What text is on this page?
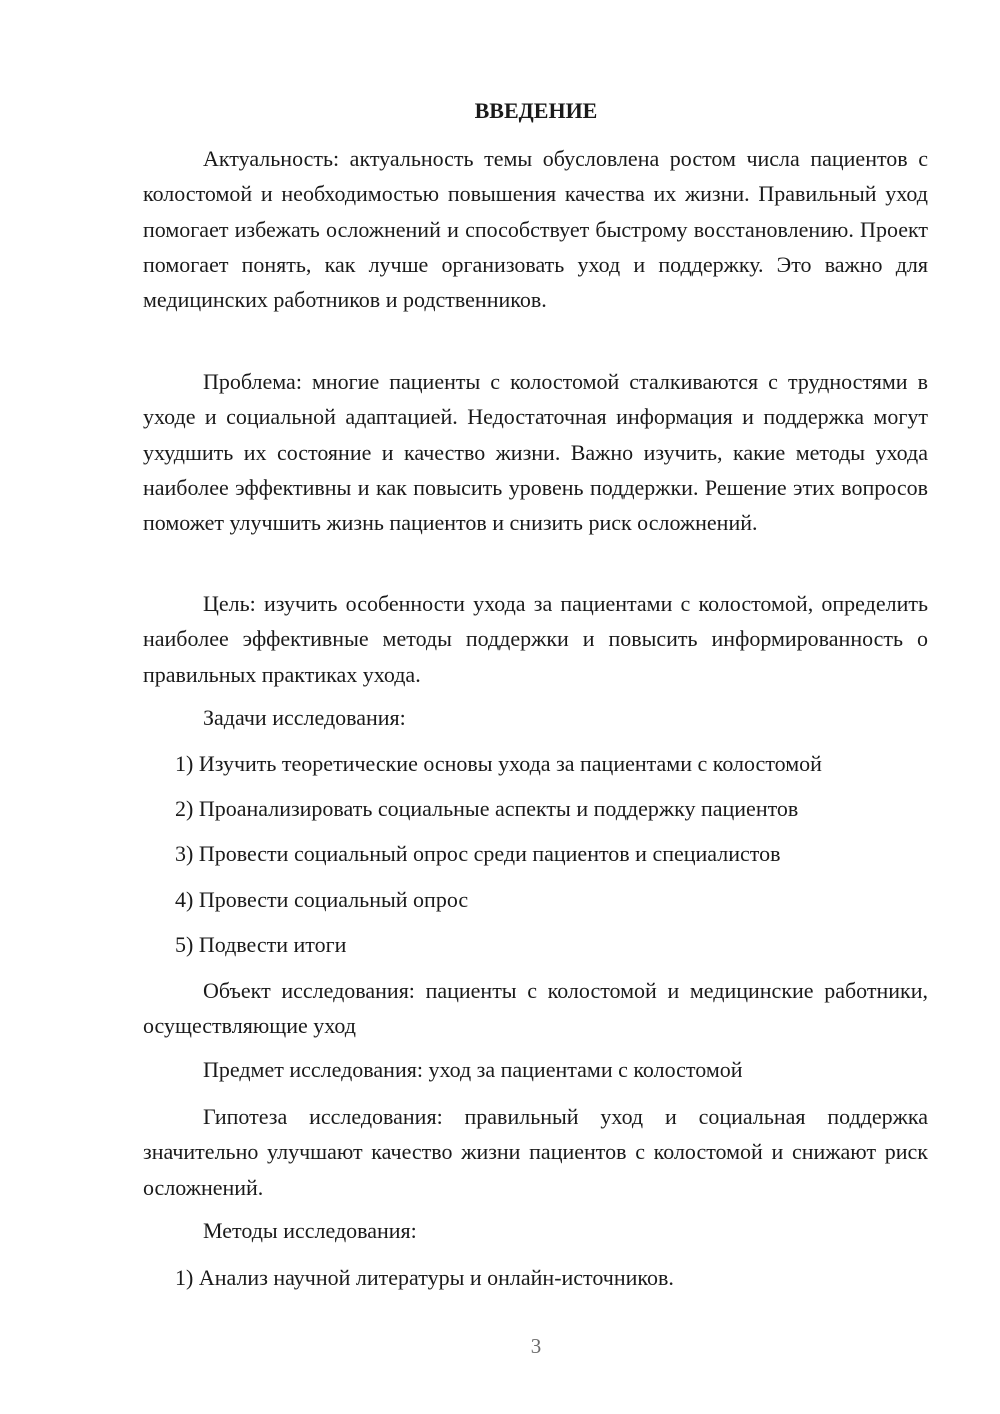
ВВЕДЕНИЕ

Актуальность: актуальность темы обусловлена ростом числа пациентов с колостомой и необходимостью повышения качества их жизни. Правильный уход помогает избежать осложнений и способствует быстрому восстановлению. Проект помогает понять, как лучше организовать уход и поддержку. Это важно для медицинских работников и родственников.

Проблема: многие пациенты с колостомой сталкиваются с трудностями в уходе и социальной адаптацией. Недостаточная информация и поддержка могут ухудшить их состояние и качество жизни. Важно изучить, какие методы ухода наиболее эффективны и как повысить уровень поддержки. Решение этих вопросов поможет улучшить жизнь пациентов и снизить риск осложнений.

Цель: изучить особенности ухода за пациентами с колостомой, определить наиболее эффективные методы поддержки и повысить информированность о правильных практиках ухода.

Задачи исследования:

1) Изучить теоретические основы ухода за пациентами с колостомой

2) Проанализировать социальные аспекты и поддержку пациентов

3) Провести социальный опрос среди пациентов и специалистов

4) Провести социальный опрос

5) Подвести итоги

Объект исследования: пациенты с колостомой и медицинские работники, осуществляющие уход

Предмет исследования: уход за пациентами с колостомой

Гипотеза исследования: правильный уход и социальная поддержка значительно улучшают качество жизни пациентов с колостомой и снижают риск осложнений.

Методы исследования:

1) Анализ научной литературы и онлайн-источников.

3
